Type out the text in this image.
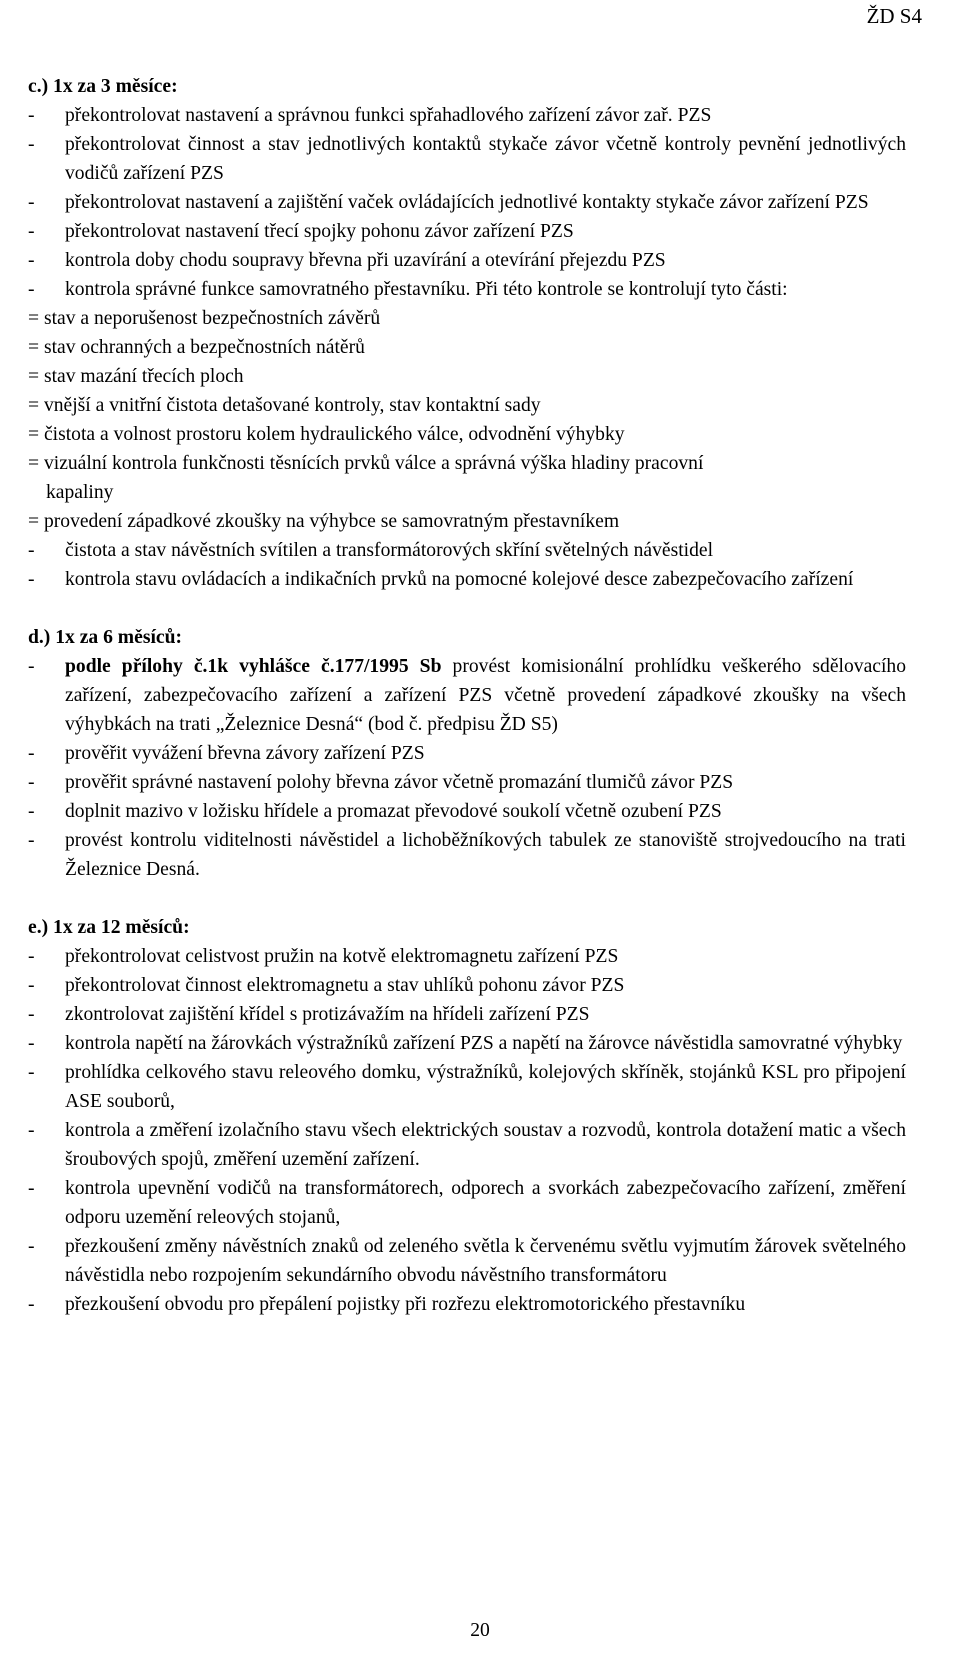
ŽD S4
c.) 1x za 3 měsíce:
-	překontrolovat nastavení a správnou funkci spřahadlového zařízení závor zař. PZS
-	překontrolovat činnost a stav jednotlivých kontaktů stykače závor včetně kontroly pevnění jednotlivých vodičů zařízení PZS
-	překontrolovat nastavení a zajištění vaček ovládajících jednotlivé kontakty stykače závor zařízení PZS
-	překontrolovat nastavení třecí spojky pohonu závor zařízení PZS
-	kontrola doby chodu soupravy břevna při uzavírání a otevírání přejezdu PZS
-	kontrola správné funkce samovratného přestavníku. Při této kontrole se kontrolují tyto části:
= stav a neporušenost bezpečnostních závěrů
= stav ochranných a bezpečnostních nátěrů
= stav mazání třecích ploch
= vnější a vnitřní čistota detašované kontroly, stav kontaktní sady
= čistota a volnost prostoru kolem hydraulického válce, odvodnění výhybky
= vizuální kontrola funkčnosti těsnících prvků válce a správná výška hladiny pracovní
kapaliny
= provedení západkové zkoušky na výhybce se samovratným přestavníkem
-	čistota a stav návěstních svítilen a transformátorových skříní světelných návěstidel
-	kontrola stavu ovládacích a indikačních prvků na pomocné kolejové desce zabezpečovacího zařízení
d.) 1x za 6 měsíců:
-	podle přílohy č.1k vyhlášce č.177/1995 Sb provést komisionální prohlídku veškerého sdělovacího zařízení, zabezpečovacího zařízení a zařízení PZS včetně provedení západkové zkoušky na všech výhybkách na trati „Železnice Desná“ (bod č. předpisu ŽD S5)
-	prověřit vyvážení břevna závory zařízení PZS
-	prověřit správné nastavení polohy břevna závor včetně promazání tlumičů závor PZS
-	doplnit mazivo v ložisku hřídele a promazat převodové soukolí včetně ozubení PZS
-	provést kontrolu viditelnosti návěstidel a lichoběžníkových tabulek ze stanoviště strojvedoucího na trati Železnice Desná.
e.) 1x za 12 měsíců:
-	překontrolovat celistvost pružin na kotvě elektromagnetu zařízení PZS
-	překontrolovat činnost elektromagnetu a stav uhlíků pohonu závor PZS
-	zkontrolovat zajištění křídel s protizávažím na hřídeli zařízení PZS
-	kontrola napětí na žárovkách výstražníků zařízení PZS a napětí na žárovce návěstidla samovratné výhybky
-	prohlídka celkového stavu releového domku, výstražníků, kolejových skříněk, stojánků KSL pro připojení ASE souborů,
-	kontrola a změření izolačního stavu všech elektrických soustav a rozvodů, kontrola dotažení matic a všech šroubových spojů, změření uzemění zařízení.
-	kontrola upevnění vodičů na transformátorech, odporech a svorkách zabezpečovacího zařízení, změření odporu uzemění releových stojanů,
-	přezkoušení změny návěstních znaků od zeleného světla k červenému světlu vyjmutím žárovek světelného návěstidla nebo rozpojením sekundárního obvodu návěstního transformátoru
-	přezkoušení obvodu pro přepálení pojistky při rozřezu elektromotorického přestavníku
20
